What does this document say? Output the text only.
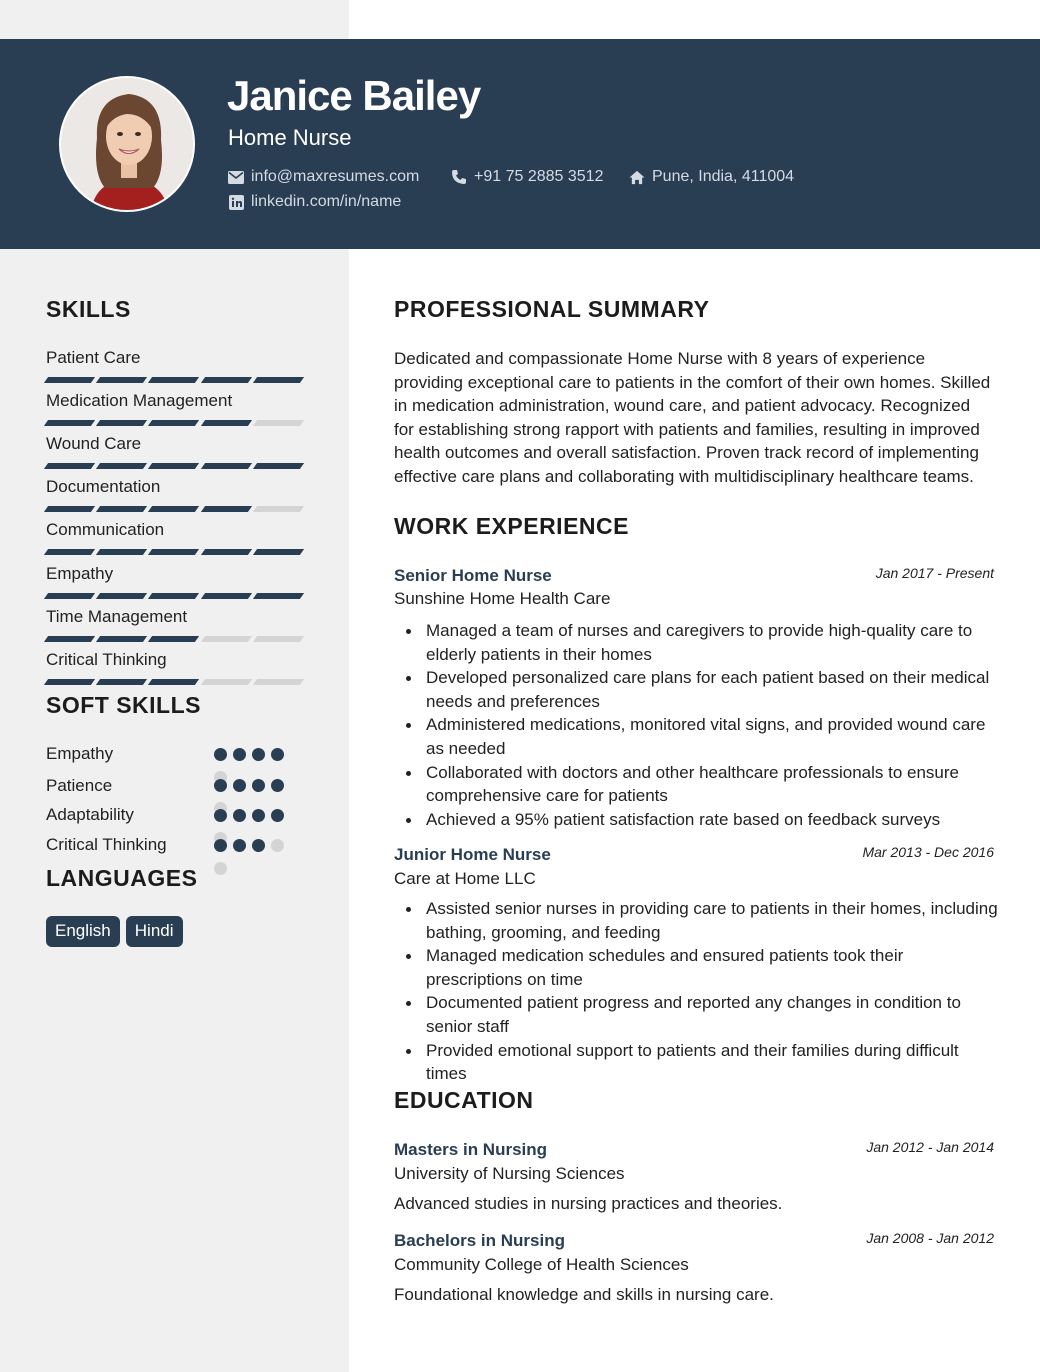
Janice Bailey
Home Nurse
info@maxresumes.com	+91 75 2885 3512	Pune, India, 411004
linkedin.com/in/name
SKILLS
Patient Care
Medication Management
Wound Care
Documentation
Communication
Empathy
Time Management
Critical Thinking
SOFT SKILLS
Empathy
Patience
Adaptability
Critical Thinking
LANGUAGES
English	Hindi
PROFESSIONAL SUMMARY
Dedicated and compassionate Home Nurse with 8 years of experience providing exceptional care to patients in the comfort of their own homes. Skilled in medication administration, wound care, and patient advocacy. Recognized for establishing strong rapport with patients and families, resulting in improved health outcomes and overall satisfaction. Proven track record of implementing effective care plans and collaborating with multidisciplinary healthcare teams.
WORK EXPERIENCE
Senior Home Nurse	Jan 2017 - Present
Sunshine Home Health Care
Managed a team of nurses and caregivers to provide high-quality care to elderly patients in their homes
Developed personalized care plans for each patient based on their medical needs and preferences
Administered medications, monitored vital signs, and provided wound care as needed
Collaborated with doctors and other healthcare professionals to ensure comprehensive care for patients
Achieved a 95% patient satisfaction rate based on feedback surveys
Junior Home Nurse	Mar 2013 - Dec 2016
Care at Home LLC
Assisted senior nurses in providing care to patients in their homes, including bathing, grooming, and feeding
Managed medication schedules and ensured patients took their prescriptions on time
Documented patient progress and reported any changes in condition to senior staff
Provided emotional support to patients and their families during difficult times
EDUCATION
Masters in Nursing	Jan 2012 - Jan 2014
University of Nursing Sciences
Advanced studies in nursing practices and theories.
Bachelors in Nursing	Jan 2008 - Jan 2012
Community College of Health Sciences
Foundational knowledge and skills in nursing care.
